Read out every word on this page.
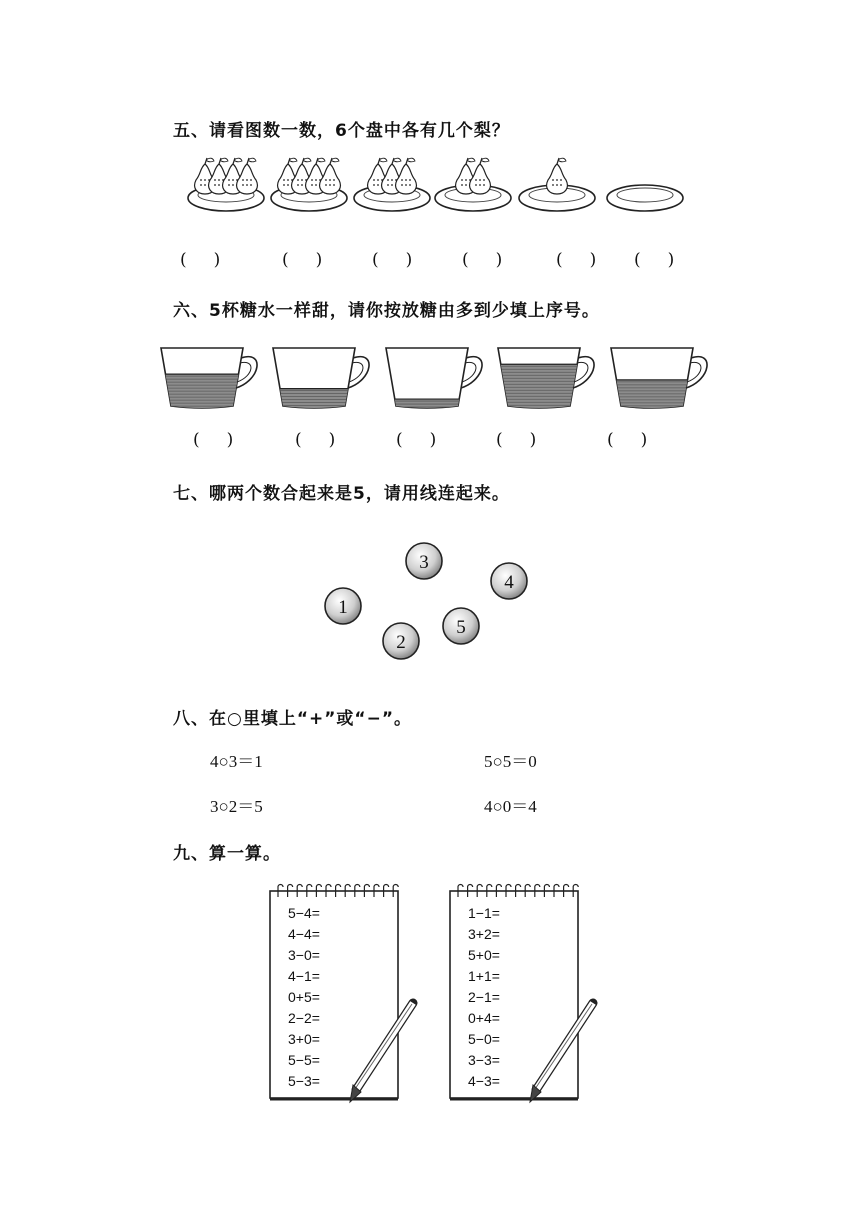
五、请看图数一数，6个盘中各有几个梨？
(     )	(     )	(     )	(     )	(     ) (     )
六、5杯糖水一样甜，请你按放糖由多到少填上序号。
(     )	(     )	(     )	(     )	(     )
七、哪两个数合起来是5，请用线连起来。
3
4
1
5
2
八、在○里填上“+”或“−”。
4○3＝1	5○5＝0
3○2＝5	4○0＝4
九、算一算。
5−4=
4−4=
3−0=
4−1=
0+5=
2−2=
3+0=
5−5=
5−3=
1−1=
3+2=
5+0=
1+1=
2−1=
0+4=
5−0=
3−3=
4−3=
